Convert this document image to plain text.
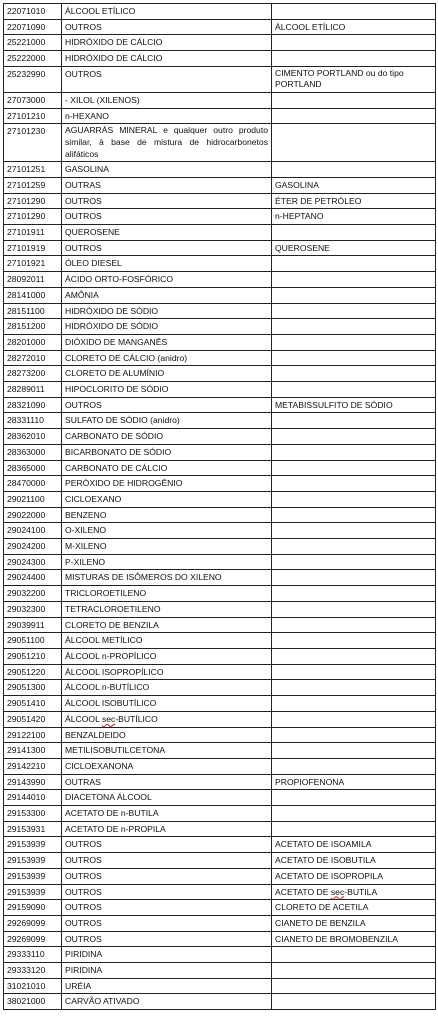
22071010	ÁLCOOL ETÍLICO	
22071090	OUTROS	ÁLCOOL ETÍLICO
25221000	HIDRÓXIDO DE CÁLCIO	
25222000	HIDRÓXIDO DE CÁLCIO	
25232990	OUTROS	CIMENTO PORTLAND ou do tipo PORTLAND
27073000	- XILOL (XILENOS)	
27101210	n-HEXANO	
27101230	AGUARRÁS MINERAL e qualquer outro produto similar, à base de mistura de hidrocarbonetos alifáticos	
27101251	GASOLINA	
27101259	OUTRAS	GASOLINA
27101290	OUTROS	ÉTER DE PETRÓLEO
27101290	OUTROS	n-HEPTANO
27101911	QUEROSENE	
27101919	OUTROS	QUEROSENE
27101921	ÓLEO DIESEL	
28092011	ÁCIDO ORTO-FOSFÓRICO	
28141000	AMÔNIA	
28151100	HIDRÓXIDO DE SÓDIO	
28151200	HIDRÓXIDO DE SÓDIO	
28201000	DIÓXIDO DE MANGANÊS	
28272010	CLORETO DE CÁLCIO (anidro)	
28273200	CLORETO DE ALUMÍNIO	
28289011	HIPOCLORITO DE SÓDIO	
28321090	OUTROS	METABISSULFITO DE SÓDIO
28331110	SULFATO DE SÓDIO (anidro)	
28362010	CARBONATO DE SÓDIO	
28363000	BICARBONATO DE SÓDIO	
28365000	CARBONATO DE CÁLCIO	
28470000	PERÓXIDO DE HIDROGÊNIO	
29021100	CICLOEXANO	
29022000	BENZENO	
29024100	O-XILENO	
29024200	M-XILENO	
29024300	P-XILENO	
29024400	MISTURAS DE ISÔMEROS DO XILENO	
29032200	TRICLOROETILENO	
29032300	TETRACLOROETILENO	
29039911	CLORETO DE BENZILA	
29051100	ÁLCOOL METÍLICO	
29051210	ÁLCOOL n-PROPÍLICO	
29051220	ÁLCOOL ISOPROPÍLICO	
29051300	ÁLCOOL n-BUTÍLICO	
29051410	ÁLCOOL ISOBUTÍLICO	
29051420	ÁLCOOL sec-BUTÍLICO	
29122100	BENZALDEIDO	
29141300	METILISOBUTILCETONA	
29142210	CICLOEXANONA	
29143990	OUTRAS	PROPIOFENONA
29144010	DIACETONA ÁLCOOL	
29153300	ACETATO DE n-BUTILA	
29153931	ACETATO DE n-PROPILA	
29153939	OUTROS	ACETATO DE ISOAMILA
29153939	OUTROS	ACETATO DE ISOBUTILA
29153939	OUTROS	ACETATO DE ISOPROPILA
29153939	OUTROS	ACETATO DE sec-BUTILA
29159090	OUTROS	CLORETO DE ACETILA
29269099	OUTROS	CIANETO DE BENZILA
29269099	OUTROS	CIANETO DE BROMOBENZILA
29333110	PIRIDINA	
29333120	PIRIDINA	
31021010	URÉIA	
38021000	CARVÃO ATIVADO	
